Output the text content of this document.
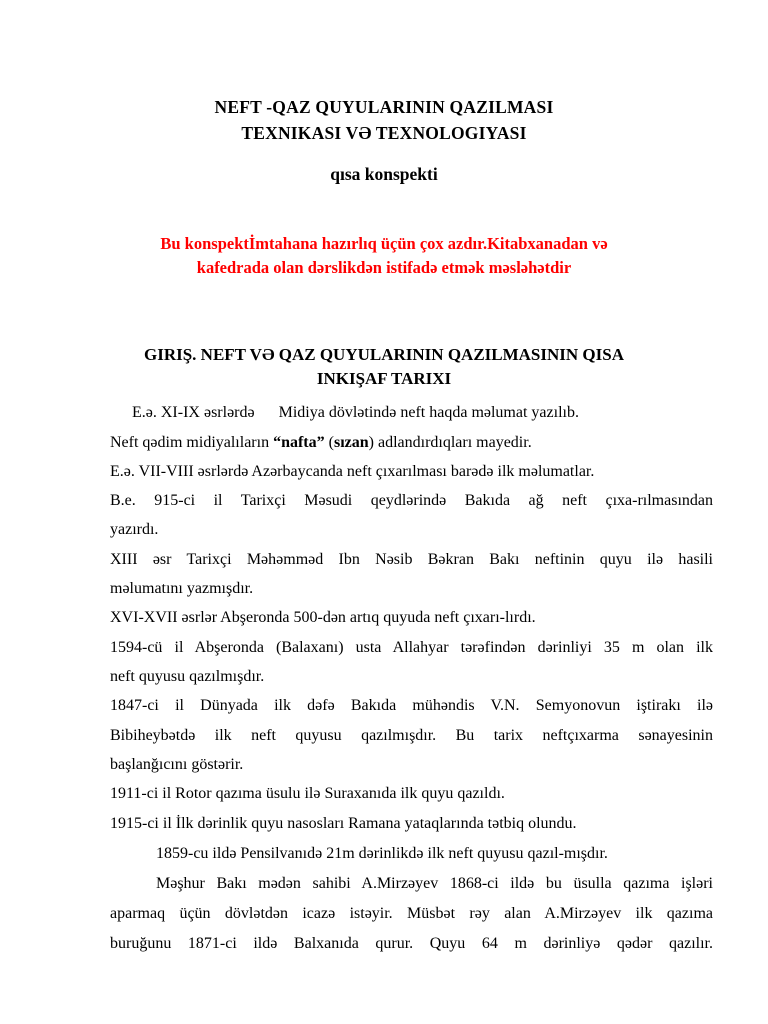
NEFT -QAZ QUYULARININ QAZILMASI
TEXNIKASI VƏ TEXNOLOGIYASI
qısa konspekti
Bu konspektİmtahana hazırlıq üçün çox azdır.Kitabxanadan və
kafedrada olan dərslikdən istifadə etmək məsləhətdir
GIRIŞ. NEFT VƏ QAZ QUYULARININ QAZILMASININ QISA
INKIŞAF TARIXI
E.ə. XI-IX əsrlərdə      Midiya dövlətində neft haqda məlumat yazılıb.
Neft qədim midiyalıların “nafta” (sızan) adlandırdıqları mayedir.
E.ə. VII-VIII əsrlərdə Azərbaycanda neft çıxarılması barədə ilk məlumatlar.
B.e. 915-ci il Tarixçi Məsudi qeydlərində Bakıda ağ neft çıxa-rılmasından
yazırdı.
XIII əsr Tarixçi Məhəmməd Ibn Nəsib Bəkran Bakı neftinin quyu ilə hasili
məlumatını yazmışdır.
XVI-XVII əsrlər Abşeronda 500-dən artıq quyuda neft çıxarı-lırdı.
1594-cü il Abşeronda (Balaxanı) usta Allahyar tərəfindən dərinliyi 35 m olan ilk
neft quyusu qazılmışdır.
1847-ci il Dünyada ilk dəfə Bakıda mühəndis V.N. Semyonovun iştirakı ilə
Bibiheybətdə ilk neft quyusu qazılmışdır. Bu tarix neftçıxarma sənayesinin
başlanğıcını göstərir.
1911-ci il Rotor qazıma üsulu ilə Suraxanıda ilk quyu qazıldı.
1915-ci il İlk dərinlik quyu nasosları Ramana yataqlarında tətbiq olundu.
1859-cu ildə Pensilvanıdə 21m dərinlikdə ilk neft quyusu qazıl-mışdır.
Məşhur Bakı mədən sahibi A.Mirzəyev 1868-ci ildə bu üsulla qazıma işləri
aparmaq üçün dövlətdən icazə istəyir. Müsbət rəy alan A.Mirzəyev ilk qazıma
buruğunu 1871-ci ildə Balxanıda qurur. Quyu 64 m dərinliyə qədər qazılır.
